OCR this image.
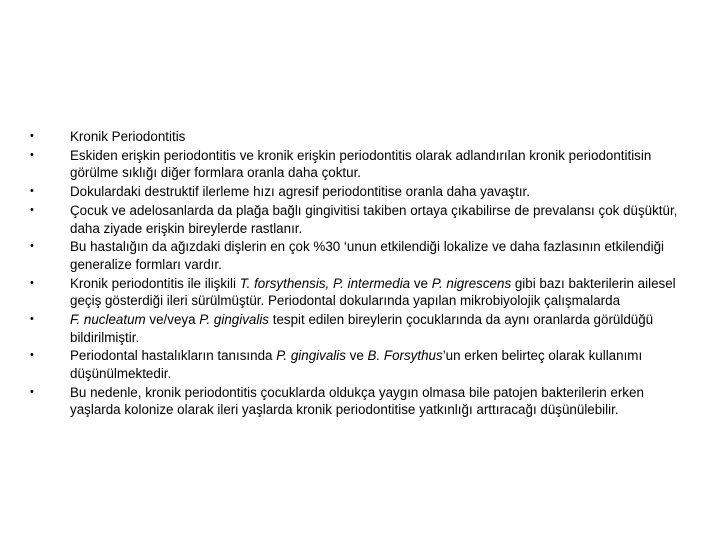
•	Kronik Periodontitis
•	Eskiden erişkin periodontitis ve kronik erişkin periodontitis olarak adlandırılan kronik periodontitisin görülme sıklığı diğer formlara oranla daha çoktur.
•	Dokulardaki destruktif ilerleme hızı agresif periodontitise oranla daha yavaştır.
•	Çocuk ve adelosanlarda da plağa bağlı gingivitisi takiben ortaya çıkabilirse de prevalansı çok düşüktür, daha ziyade erişkin bireylerde rastlanır.
•	Bu hastalığın da ağızdaki dişlerin en çok %30 ‘unun etkilendiği lokalize ve daha fazlasının etkilendiği generalize formları vardır.
•	Kronik periodontitis ile ilişkili T. forsythensis, P. intermedia ve P. nigrescens gibi bazı bakterilerin ailesel geçiş gösterdiği ileri sürülmüştür. Periodontal dokularında yapılan mikrobiyolojik çalışmalarda
•	F. nucleatum ve/veya P. gingivalis tespit edilen bireylerin çocuklarında da aynı oranlarda görüldüğü bildirilmiştir.
•	Periodontal hastalıkların tanısında P. gingivalis ve B. Forsythus’un erken belirteç olarak kullanımı düşünülmektedir.
•	Bu nedenle, kronik periodontitis çocuklarda oldukça yaygın olmasa bile patojen bakterilerin erken yaşlarda kolonize olarak ileri yaşlarda kronik periodontitise yatkınlığı arttıracağı düşünülebilir.
